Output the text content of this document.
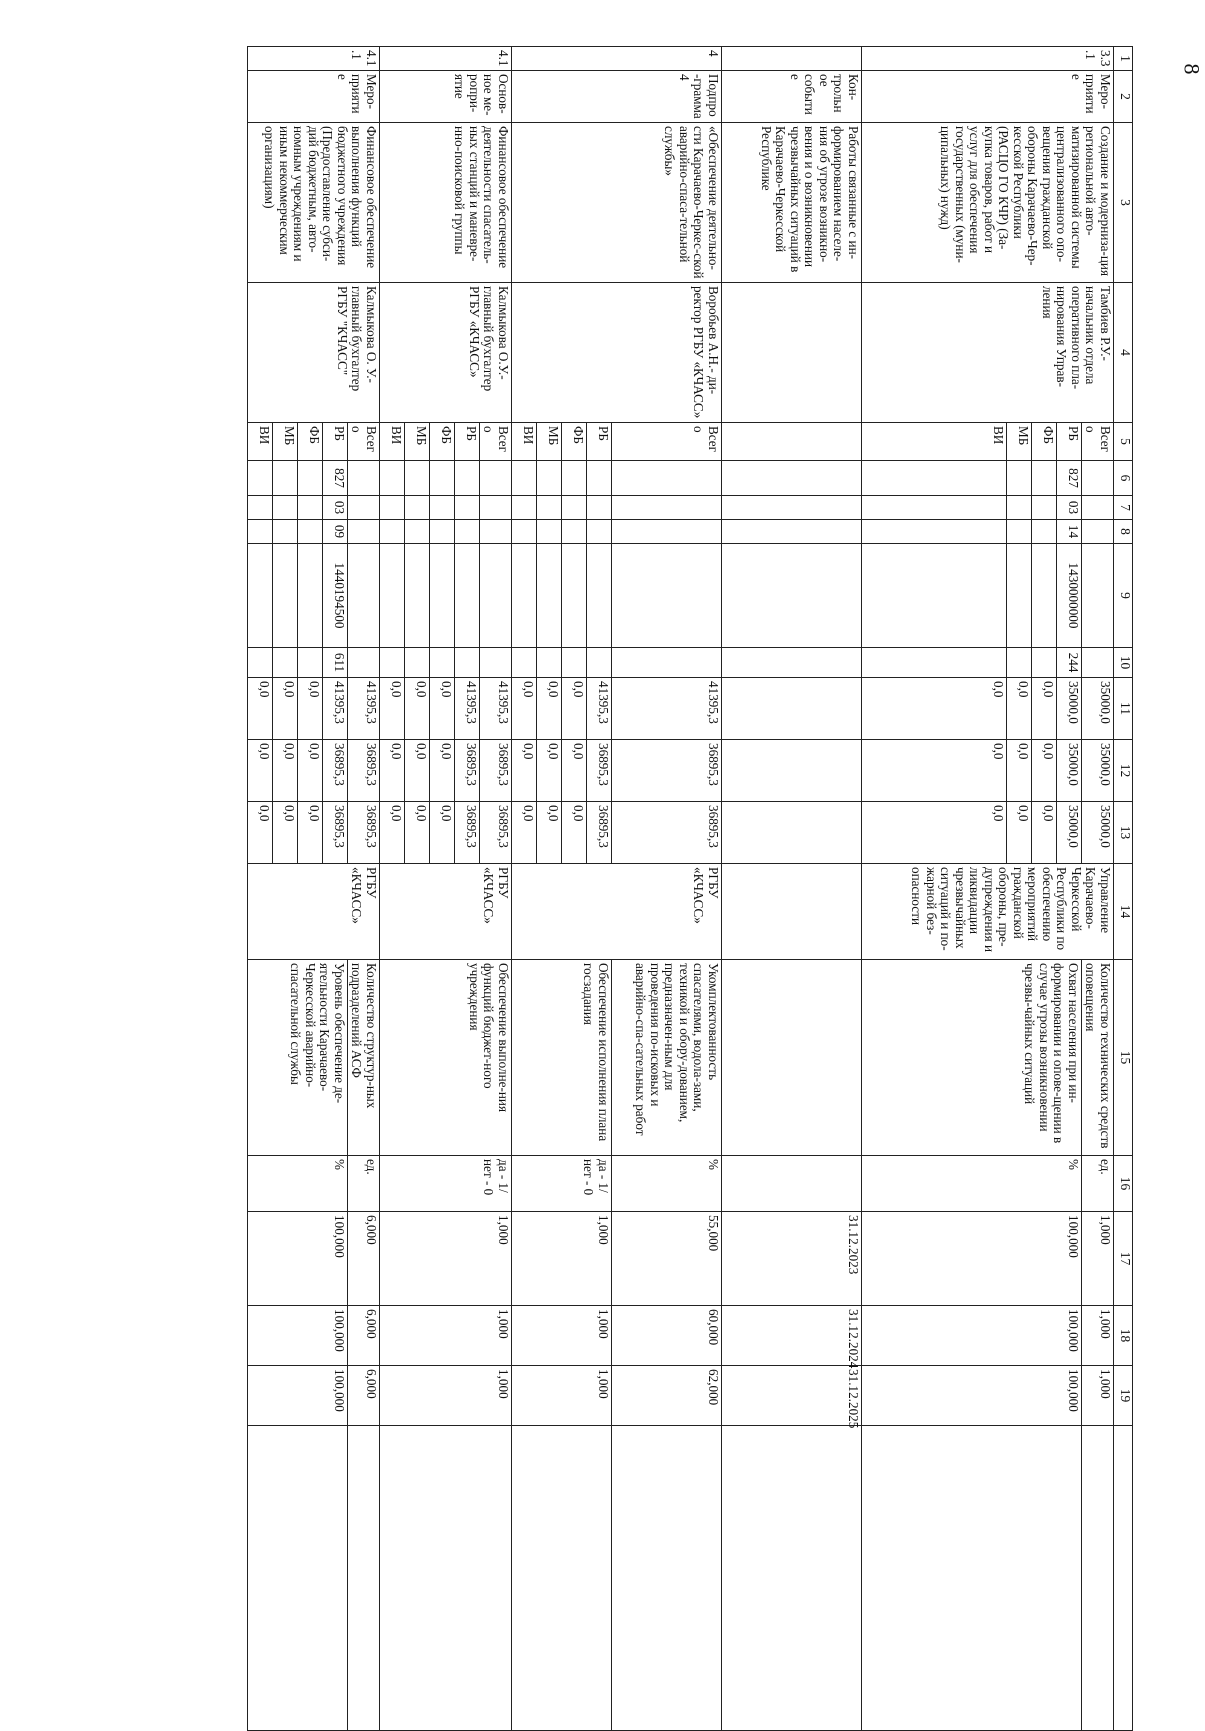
8
1	2	3	4	5	6	7	8	9	10	11	12	13	14	15	16	17	18	19	
3.3.1	Меро-приятие	Создание и модерниза-ция региональной авто-матизированной системы централизованного опо-вещения гражданской обороны Карачаево-Чер-кесской Республики (РАСЦО ГО КЧР) (За-купка товаров, работ и услуг для обеспечения государственных (муни-ципальных) нужд)	Тамбиев Р.У.- начальник отдела оперативного пла-нирования Управ-ления	Всего						35000,0	35000,0	35000,0	Управление Карачаево-Черкесской Республики по обеспечению мероприятий гражданской обороны, пре-дупреждения и ликвидации чрезвычайных ситуаций и по-жарной без-опасности	Количество технических средств оповещения	ед.	1,000	1,000	1,000	
				РБ	827	03	14	1430000000	244	35000,0	35000,0	35000,0		Охват населения при ин-формировании и опове-щении в случае угрозы возникновении чрезвы-чайных ситуаций	%	100,000	100,000	100,000	
				ФБ						0,0	0,0	0,0							
				МБ						0,0	0,0	0,0							
				ВИ						0,0	0,0	0,0							
	Кон-трольное событие	Работы связанные с ин-формированием населе-ния об угрозе возникно-вения и о возникновении чрезвычайных ситуаций в Карачаево-Черкесской Республике														31.12.2023	31.12.2024	31.12.2025	
4	Подпро-грамма 4	«Обеспечение деятельно-сти Карачаево-Черкес-ской аварийно-спаса-тельной службы»	Воробьев А.Н.- ди-ректор РГБУ «КЧАСС»	Всего						41395,3	36895,3	36895,3	РГБУ «КЧАСС»	Укомплектованность спасателями, водола-зами, техникой и обору-дованием, предназначен-ным для проведения по-исковых и аварийно-спа-сательных работ	%	55,000	60,000	62,000	
				РБ						41395,3	36895,3	36895,3		Обеспечение исполнения плана госзадания	да - 1/ нет - 0	1,000	1,000	1,000	
				ФБ						0,0	0,0	0,0							
				МБ						0,0	0,0	0,0							
				ВИ						0,0	0,0	0,0							
4.1	Основ-ное ме-ропри-ятие	Финансовое обеспечение деятельности спасатель-ных станций и маневре-нно-поисковой группы	Калмыкова О.У.-главный бухгалтер РГБУ «КЧАСС»	Всего						41395,3	36895,3	36895,3	РГБУ «КЧАСС»	Обеспечение выполне-ния функций бюджет-ного учреждения	да - 1/ нет - 0	1,000	1,000	1,000	
				РБ						41395,3	36895,3	36895,3							
				ФБ						0,0	0,0	0,0							
				МБ						0,0	0,0	0,0							
				ВИ						0,0	0,0	0,0							
4.1.1	Меро-приятие	Финансовое обеспечение выполнения функций бюджетного учреждения (Предоставление субси-дий бюджетным, авто-номным учреждениям и иным некоммерческим организациям)	Калмыкова О. У.- главный бухгалтер РГБУ "КЧАСС"	Всего						41395,3	36895,3	36895,3	РГБУ «КЧАСС»	Количество структур-ных подразделений АСФ	ед.	6,000	6,000	6,000	
				РБ	827	03	09	1440194500	611	41395,3	36895,3	36895,3		Уровень обеспечение де-ятельности Карачаево-Черкесской аварийно-спасательной службы	%	100,000	100,000	100,000	
				ФБ						0,0	0,0	0,0							
				МБ						0,0	0,0	0,0							
				ВИ						0,0	0,0	0,0							
